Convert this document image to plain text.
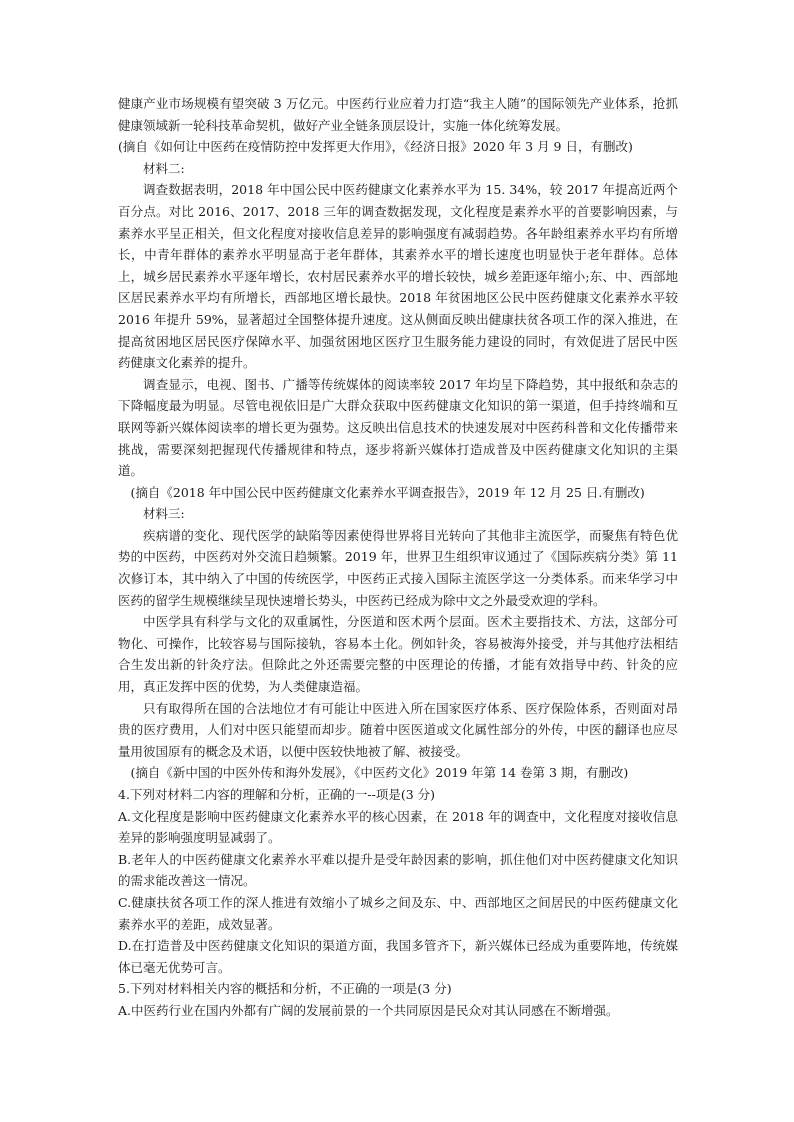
健康产业市场规模有望突破 3 万亿元。中医药行业应着力打造“我主人随”的国际领先产业体系，抢抓健康领域新一轮科技革命契机，做好产业全链条顶层设计，实施一体化统筹发展。

(摘自《如何让中医药在疫情防控中发挥更大作用》，《经济日报》2020 年 3 月 9 日，有删改)

材料二:

调查数据表明，2018 年中国公民中医药健康文化素养水平为 15. 34%，较 2017 年提高近两个百分点。对比 2016、2017、2018 三年的调查数据发现，文化程度是素养水平的首要影响因素，与素养水平呈正相关，但文化程度对接收信息差异的影响强度有减弱趋势。各年龄组素养水平均有所增长，中青年群体的素养水平明显高于老年群体，其素养水平的增长速度也明显快于老年群体。总体上，城乡居民素养水平逐年增长，农村居民素养水平的增长较快，城乡差距逐年缩小;东、中、西部地区居民素养水平均有所增长，西部地区增长最快。2018 年贫困地区公民中医药健康文化素养水平较 2016 年提升 59%，显著超过全国整体提升速度。这从侧面反映出健康扶贫各项工作的深入推进，在提高贫困地区居民医疗保障水平、加强贫困地区医疗卫生服务能力建设的同时，有效促进了居民中医药健康文化素养的提升。

调查显示，电视、图书、广播等传统媒体的阅读率较 2017 年均呈下降趋势，其中报纸和杂志的下降幅度最为明显。尽管电视依旧是广大群众获取中医药健康文化知识的第一渠道，但手持终端和互联网等新兴媒体阅读率的增长更为强势。这反映出信息技术的快速发展对中医药科普和文化传播带来挑战，需要深刻把握现代传播规律和特点，逐步将新兴媒体打造成普及中医药健康文化知识的主渠道。

(摘自《2018 年中国公民中医药健康文化素养水平调查报告》，2019 年 12 月 25 日.有删改)

材料三:

疾病谱的变化、现代医学的缺陷等因素使得世界将目光转向了其他非主流医学，而聚焦有特色优势的中医药，中医药对外交流日趋频繁。2019 年，世界卫生组织审议通过了《国际疾病分类》第 11 次修订本，其中纳入了中国的传统医学，中医药正式接入国际主流医学这一分类体系。而来华学习中医药的留学生规模继续呈现快速增长势头，中医药已经成为除中文之外最受欢迎的学科。

中医学具有科学与文化的双重属性，分医道和医术两个层面。医术主要指技术、方法，这部分可物化、可操作，比较容易与国际接轨，容易本土化。例如针灸，容易被海外接受，并与其他疗法相结合生发出新的针灸疗法。但除此之外还需要完整的中医理论的传播，才能有效指导中药、针灸的应用，真正发挥中医的优势，为人类健康造福。

只有取得所在国的合法地位才有可能让中医进入所在国家医疗体系、医疗保险体系，否则面对昂贵的医疗费用，人们对中医只能望而却步。随着中医医道或文化属性部分的外传，中医的翻译也应尽量用彼国原有的概念及术语，以便中医较快地被了解、被接受。

(摘自《新中国的中医外传和海外发展》，《中医药文化》2019 年第 14 卷第 3 期，有删改)

4.下列对材料二内容的理解和分析，正确的一--项是(3 分)

A.文化程度是影响中医药健康文化素养水平的核心因素，在 2018 年的调查中，文化程度对接收信息差异的影响强度明显减弱了。

B.老年人的中医药健康文化素养水平难以提升是受年龄因素的影响，抓住他们对中医药健康文化知识的需求能改善这一情况。

C.健康扶贫各项工作的深人推进有效缩小了城乡之间及东、中、西部地区之间居民的中医药健康文化素养水平的差距，成效显著。

D.在打造普及中医药健康文化知识的渠道方面，我国多管齐下，新兴媒体已经成为重要阵地，传统媒体已毫无优势可言。

5.下列对材料相关内容的概括和分析，不正确的一项是(3 分)

A.中医药行业在国内外都有广阔的发展前景的一个共同原因是民众对其认同感在不断增强。
